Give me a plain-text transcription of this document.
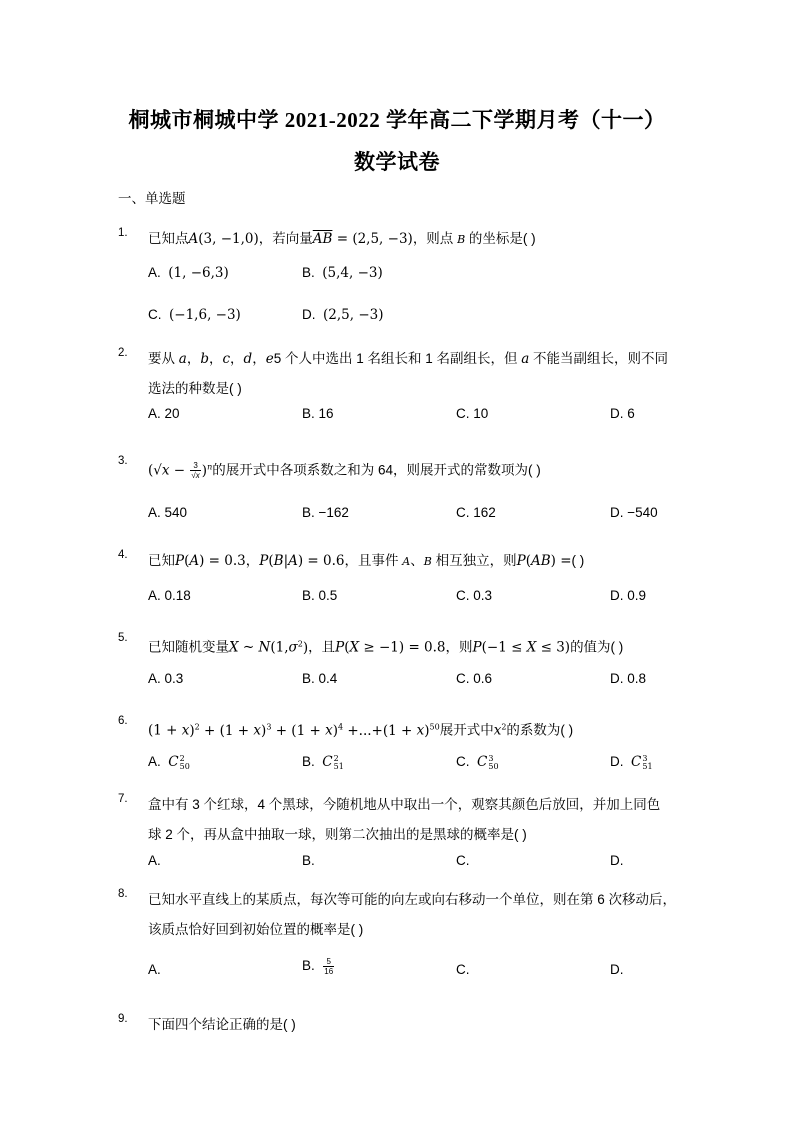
桐城市桐城中学 2021-2022 学年高二下学期月考（十一）
数学试卷
一、单选题
1. 已知点A(3, −1,0)，若向量$\overline{AB} = (2,5$, −3)，则点 B 的坐标是( )
A.  (1, −6,3)	B.  (5,4, −3)
C.  (−1,6, −3)	D.  (2,5, −3)
2. 要从 a，b，c，d，e5 个人中选出 1 名组长和 1 名副组长，但 a 不能当副组长，则不同
选法的种数是( )
A. 20	B. 16	C. 10	D. 6
3.
$(√x - \frac{3}{√x} )^n$的展开式中各项系数之和为 64，则展开式的常数项为( )
A. 540	B. −162	C. 162	D. −540
4. 已知P(A) = 0.3，P(B|A) = 0.6，且事件 A、B 相互独立，则P(AB) =( )
A. 0.18	B. 0.5	C. 0.3	D. 0.9
5.
已知随机变量X ~ $N(1,\sigma^2)$，且P(X ≥ −1) = 0.8，则P(−1 ≤ X ≤ 3)的值为( )
A. 0.3	B. 0.4	C. 0.6	D. 0.8
6.
$(1 + x)^2 + (1 + x)^3 + (1 + x)^4 +...+(1 + x)^{50}$展开式中$x^2$的系数为( )
A.  C 2
50	B.  C 2
51	C.  C 3
50	D.  C 3
51
7. 盒中有 3 个红球，4 个黑球，今随机地从中取出一个，观察其颜色后放回，并加上同色
球 2 个，再从盒中抽取一球，则第二次抽出的是黑球的概率是( )
A.	B.	C.	D.
8. 已知水平直线上的某质点，每次等可能的向左或向右移动一个单位，则在第 6 次移动后，
该质点恰好回到初始位置的概率是( )
A.	B. $\frac{5}{16}$	C.	D.
9. 下面四个结论正确的是( )
